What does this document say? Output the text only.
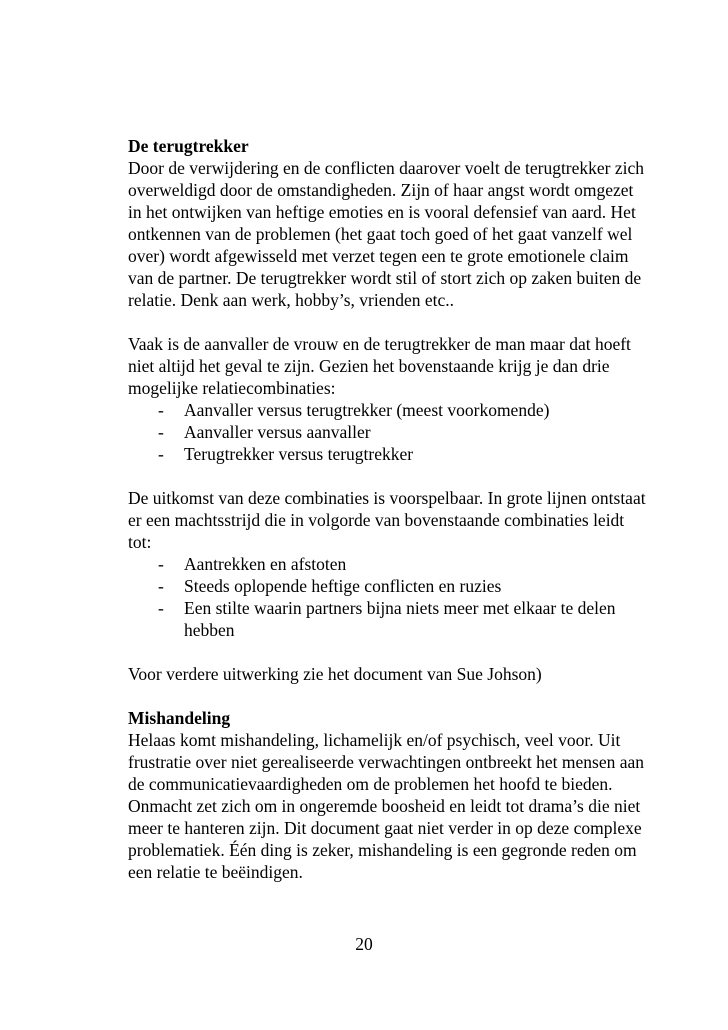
De terugtrekker

Door de verwijdering en de conflicten daarover voelt de terugtrekker zich overweldigd door de omstandigheden. Zijn of haar angst wordt omgezet in het ontwijken van heftige emoties en is vooral defensief van aard. Het ontkennen van de problemen (het gaat toch goed of het gaat vanzelf wel over) wordt afgewisseld met verzet tegen een te grote emotionele claim van de partner. De terugtrekker wordt stil of stort zich op zaken buiten de relatie. Denk aan werk, hobby’s, vrienden etc..

Vaak is de aanvaller de vrouw en de terugtrekker de man maar dat hoeft niet altijd het geval te zijn. Gezien het bovenstaande krijg je dan drie mogelijke relatiecombinaties:

- Aanvaller versus terugtrekker (meest voorkomende)
- Aanvaller versus aanvaller
- Terugtrekker versus terugtrekker

De uitkomst van deze combinaties is voorspelbaar. In grote lijnen ontstaat er een machtsstrijd die in volgorde van bovenstaande combinaties leidt tot:

- Aantrekken en afstoten
- Steeds oplopende heftige conflicten en ruzies
- Een stilte waarin partners bijna niets meer met elkaar te delen hebben

Voor verdere uitwerking zie het document van Sue Johson)

Mishandeling

Helaas komt mishandeling, lichamelijk en/of psychisch, veel voor. Uit frustratie over niet gerealiseerde verwachtingen ontbreekt het mensen aan de communicatievaardigheden om de problemen het hoofd te bieden. Onmacht zet zich om in ongeremde boosheid en leidt tot drama’s die niet meer te hanteren zijn. Dit document gaat niet verder in op deze complexe problematiek. Één ding is zeker, mishandeling is een gegronde reden om een relatie te beëindigen.

20
